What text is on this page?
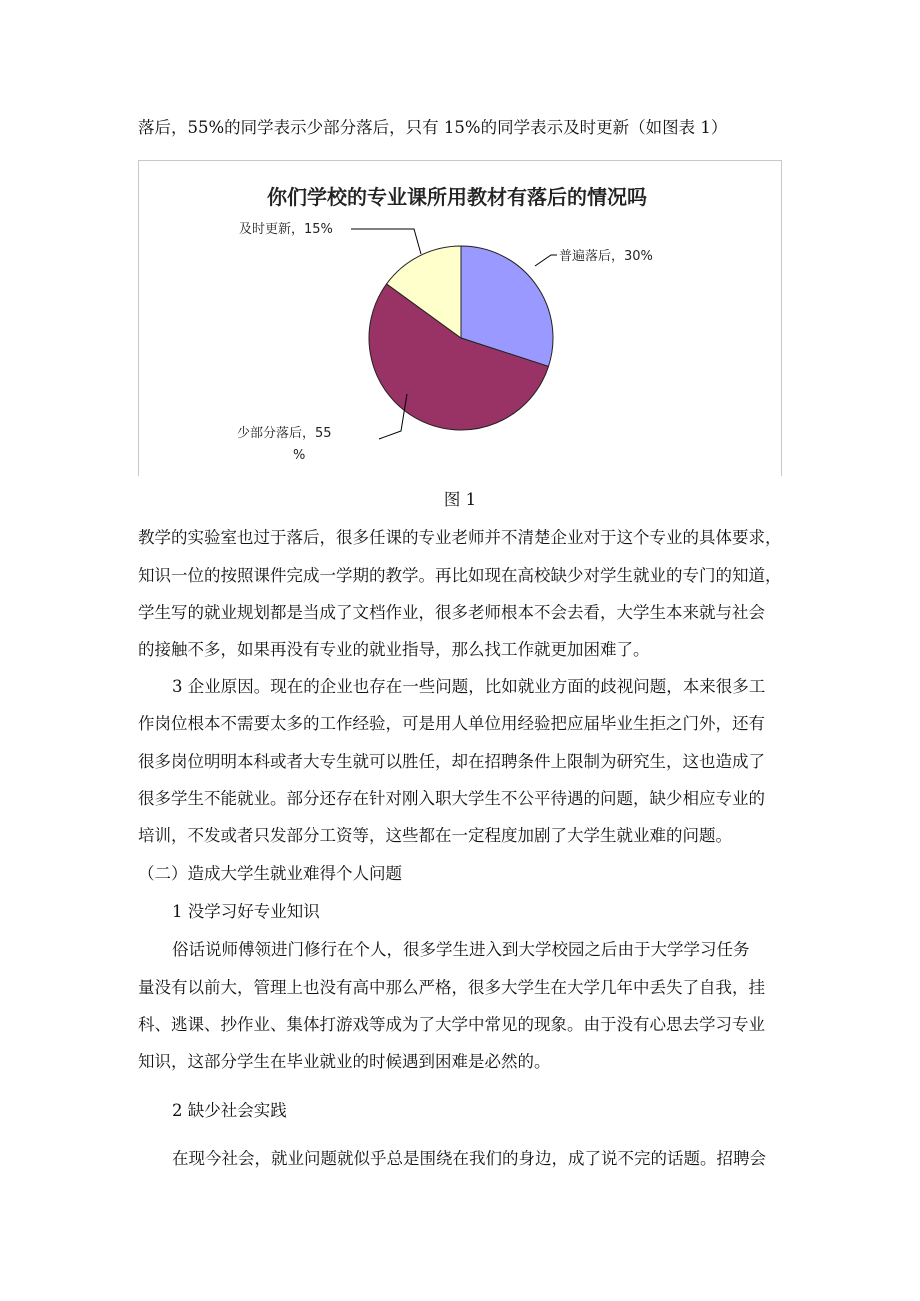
落后，55%的同学表示少部分落后，只有 15%的同学表示及时更新（如图表 1）
你们学校的专业课所用教材有落后的情况吗
及时更新，15%
普遍落后，30%
少部分落后，55
%
图 1
教学的实验室也过于落后，很多任课的专业老师并不清楚企业对于这个专业的具体要求，
知识一位的按照课件完成一学期的教学。再比如现在高校缺少对学生就业的专门的知道，
学生写的就业规划都是当成了文档作业，很多老师根本不会去看，大学生本来就与社会
的接触不多，如果再没有专业的就业指导，那么找工作就更加困难了。
3 企业原因。现在的企业也存在一些问题，比如就业方面的歧视问题，本来很多工
作岗位根本不需要太多的工作经验，可是用人单位用经验把应届毕业生拒之门外，还有
很多岗位明明本科或者大专生就可以胜任，却在招聘条件上限制为研究生，这也造成了
很多学生不能就业。部分还存在针对刚入职大学生不公平待遇的问题，缺少相应专业的
培训，不发或者只发部分工资等，这些都在一定程度加剧了大学生就业难的问题。
（二）造成大学生就业难得个人问题
1 没学习好专业知识
俗话说师傅领进门修行在个人，很多学生进入到大学校园之后由于大学学习任务
量没有以前大，管理上也没有高中那么严格，很多大学生在大学几年中丢失了自我，挂
科、逃课、抄作业、集体打游戏等成为了大学中常见的现象。由于没有心思去学习专业
知识，这部分学生在毕业就业的时候遇到困难是必然的。
2 缺少社会实践
在现今社会，就业问题就似乎总是围绕在我们的身边，成了说不完的话题。招聘会
